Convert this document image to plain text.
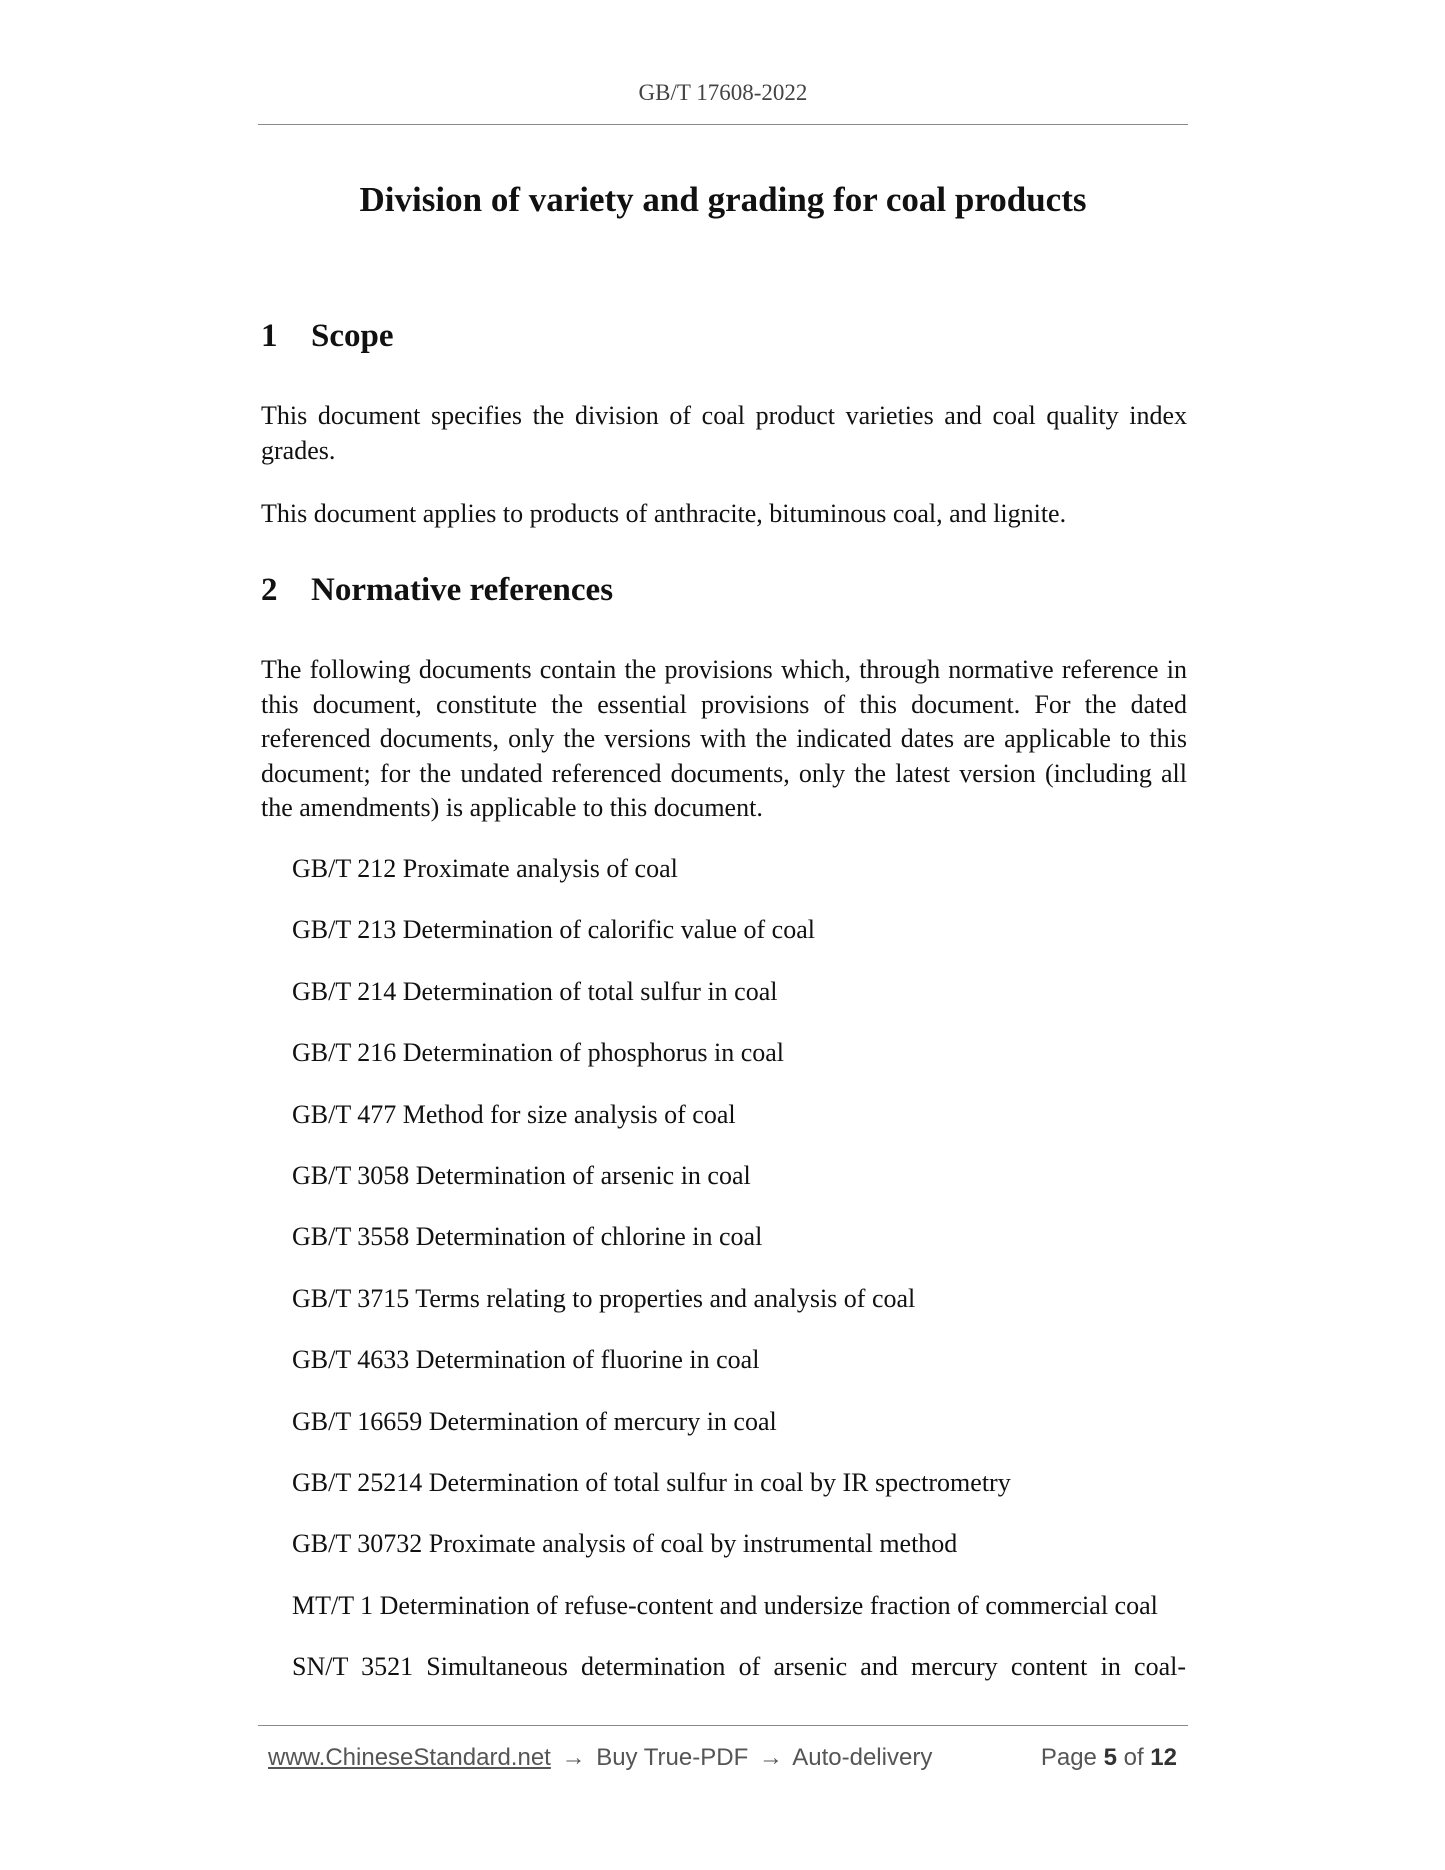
GB/T 17608-2022
Division of variety and grading for coal products
1 Scope
This document specifies the division of coal product varieties and coal quality index grades.
This document applies to products of anthracite, bituminous coal, and lignite.
2 Normative references
The following documents contain the provisions which, through normative reference in this document, constitute the essential provisions of this document. For the dated referenced documents, only the versions with the indicated dates are applicable to this document; for the undated referenced documents, only the latest version (including all the amendments) is applicable to this document.
GB/T 212 Proximate analysis of coal
GB/T 213 Determination of calorific value of coal
GB/T 214 Determination of total sulfur in coal
GB/T 216 Determination of phosphorus in coal
GB/T 477 Method for size analysis of coal
GB/T 3058 Determination of arsenic in coal
GB/T 3558 Determination of chlorine in coal
GB/T 3715 Terms relating to properties and analysis of coal
GB/T 4633 Determination of fluorine in coal
GB/T 16659 Determination of mercury in coal
GB/T 25214 Determination of total sulfur in coal by IR spectrometry
GB/T 30732 Proximate analysis of coal by instrumental method
MT/T 1 Determination of refuse-content and undersize fraction of commercial coal
SN/T 3521 Simultaneous determination of arsenic and mercury content in coal-
www.ChineseStandard.net → Buy True-PDF → Auto-delivery	Page 5 of 12
